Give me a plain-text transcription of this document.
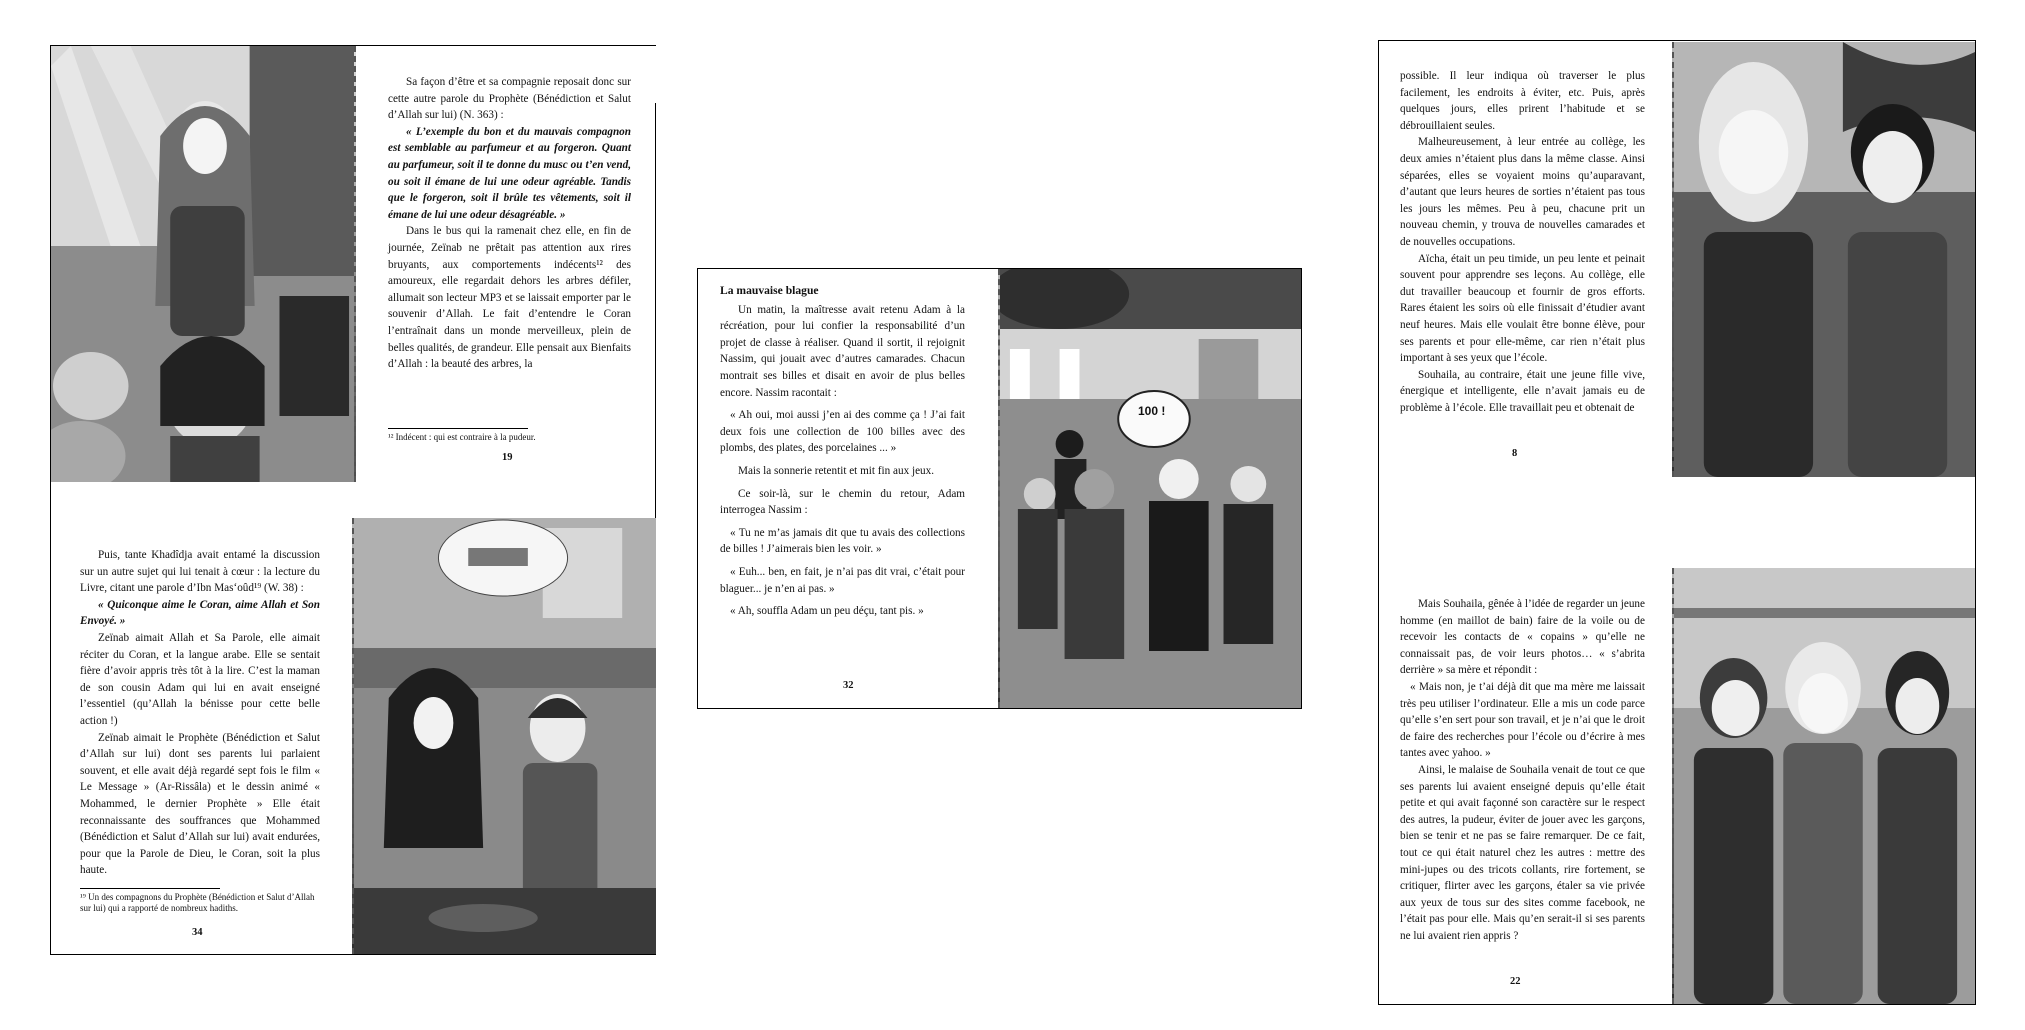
Sa façon d’être et sa compagnie reposait donc sur cette autre parole du Prophète (Bénédiction et Salut d’Allah sur lui) (N. 363) :

« L’exemple du bon et du mauvais compagnon est semblable au parfumeur et au forgeron. Quant au parfumeur, soit il te donne du musc ou t’en vend, ou soit il émane de lui une odeur agréable. Tandis que le forgeron, soit il brûle tes vêtements, soit il émane de lui une odeur désagréable. »

Dans le bus qui la ramenait chez elle, en fin de journée, Zeïnab ne prêtait pas attention aux rires bruyants, aux comportements indécents¹² des amoureux, elle regardait dehors les arbres défiler, allumait son lecteur MP3 et se laissait emporter par le souvenir d’Allah. Le fait d’entendre le Coran l’entraînait dans un monde merveilleux, plein de belles qualités, de grandeur. Elle pensait aux Bienfaits d’Allah : la beauté des arbres, la

¹² Indécent : qui est contraire à la pudeur.
19

Puis, tante Khadîdja avait entamé la discussion sur un autre sujet qui lui tenait à cœur : la lecture du Livre, citant une parole d’Ibn Mas‘oûd¹⁹ (W. 38) :

« Quiconque aime le Coran, aime Allah et Son Envoyé. »

Zeïnab aimait Allah et Sa Parole, elle aimait réciter du Coran, et la langue arabe. Elle se sentait fière d’avoir appris très tôt à la lire. C’est la maman de son cousin Adam qui lui en avait enseigné l’essentiel (qu’Allah la bénisse pour cette belle action !)

Zeïnab aimait le Prophète (Bénédiction et Salut d’Allah sur lui) dont ses parents lui parlaient souvent, et elle avait déjà regardé sept fois le film « Le Message » (Ar-Rissâla) et le dessin animé « Mohammed, le dernier Prophète » Elle était reconnaissante des souffrances que Mohammed (Bénédiction et Salut d’Allah sur lui) avait endurées, pour que la Parole de Dieu, le Coran, soit la plus haute.

¹⁹ Un des compagnons du Prophète (Bénédiction et Salut d’Allah sur lui) qui a rapporté de nombreux hadiths.
34
La mauvaise blague

Un matin, la maîtresse avait retenu Adam à la récréation, pour lui confier la responsabilité d’un projet de classe à réaliser. Quand il sortit, il rejoignit Nassim, qui jouait avec d’autres camarades. Chacun montrait ses billes et disait en avoir de plus belles encore. Nassim racontait :

« Ah oui, moi aussi j’en ai des comme ça ! J’ai fait deux fois une collection de 100 billes avec des plombs, des plates, des porcelaines ... »

Mais la sonnerie retentit et mit fin aux jeux.

Ce soir-là, sur le chemin du retour, Adam interrogea Nassim :

« Tu ne m’as jamais dit que tu avais des collections de billes ! J’aimerais bien les voir. »

« Euh... ben, en fait, je n’ai pas dit vrai, c’était pour blaguer... je n’en ai pas. »

« Ah, souffla Adam un peu déçu, tant pis. »

32
100 !

possible. Il leur indiqua où traverser le plus facilement, les endroits à éviter, etc. Puis, après quelques jours, elles prirent l’habitude et se débrouillaient seules.

Malheureusement, à leur entrée au collège, les deux amies n’étaient plus dans la même classe. Ainsi séparées, elles se voyaient moins qu’auparavant, d’autant que leurs heures de sorties n’étaient pas tous les jours les mêmes. Peu à peu, chacune prit un nouveau chemin, y trouva de nouvelles camarades et de nouvelles occupations.

Aïcha, était un peu timide, un peu lente et peinait souvent pour apprendre ses leçons. Au collège, elle dut travailler beaucoup et fournir de gros efforts. Rares étaient les soirs où elle finissait d’étudier avant neuf heures. Mais elle voulait être bonne élève, pour ses parents et pour elle-même, car rien n’était plus important à ses yeux que l’école.

Souhaila, au contraire, était une jeune fille vive, énergique et intelligente, elle n’avait jamais eu de problème à l’école. Elle travaillait peu et obtenait de

8

Mais Souhaila, gênée à l’idée de regarder un jeune homme (en maillot de bain) faire de la voile ou de recevoir les contacts de « copains » qu’elle ne connaissait pas, de voir leurs photos… « s’abrita derrière » sa mère et répondit :

« Mais non, je t’ai déjà dit que ma mère me laissait très peu utiliser l’ordinateur. Elle a mis un code parce qu’elle s’en sert pour son travail, et je n’ai que le droit de faire des recherches pour l’école ou d’écrire à mes tantes avec yahoo. »

Ainsi, le malaise de Souhaila venait de tout ce que ses parents lui avaient enseigné depuis qu’elle était petite et qui avait façonné son caractère sur le respect des autres, la pudeur, éviter de jouer avec les garçons, bien se tenir et ne pas se faire remarquer. De ce fait, tout ce qui était naturel chez les autres : mettre des mini-jupes ou des tricots collants, rire fortement, se critiquer, flirter avec les garçons, étaler sa vie privée aux yeux de tous sur des sites comme facebook, ne l’était pas pour elle. Mais qu’en serait-il si ses parents ne lui avaient rien appris ?

22
